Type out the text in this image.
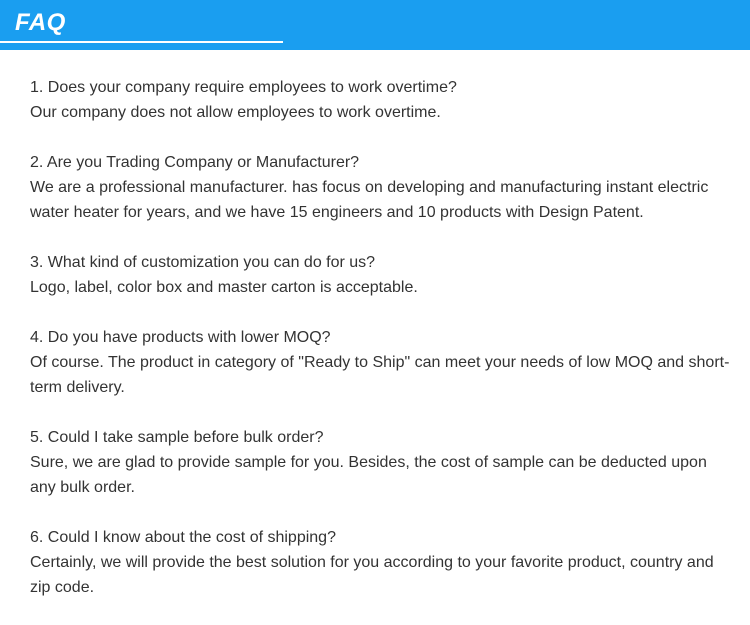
FAQ

1. Does your company require employees to work overtime?

Our company does not allow employees to work overtime.

2. Are you Trading Company or Manufacturer?

We are a professional manufacturer. has focus on developing and manufacturing instant electric water heater for years, and we have 15 engineers and 10 products with Design Patent.

3. What kind of customization you can do for us?

Logo, label, color box and master carton is acceptable.

4. Do you have products with lower MOQ?

Of course. The product in category of "Ready to Ship" can meet your needs of low MOQ and short-term delivery.

5. Could I take sample before bulk order?

Sure, we are glad to provide sample for you. Besides, the cost of sample can be deducted upon any bulk order.

6. Could I know about the cost of shipping?

Certainly, we will provide the best solution for you according to your favorite product, country and zip code.
